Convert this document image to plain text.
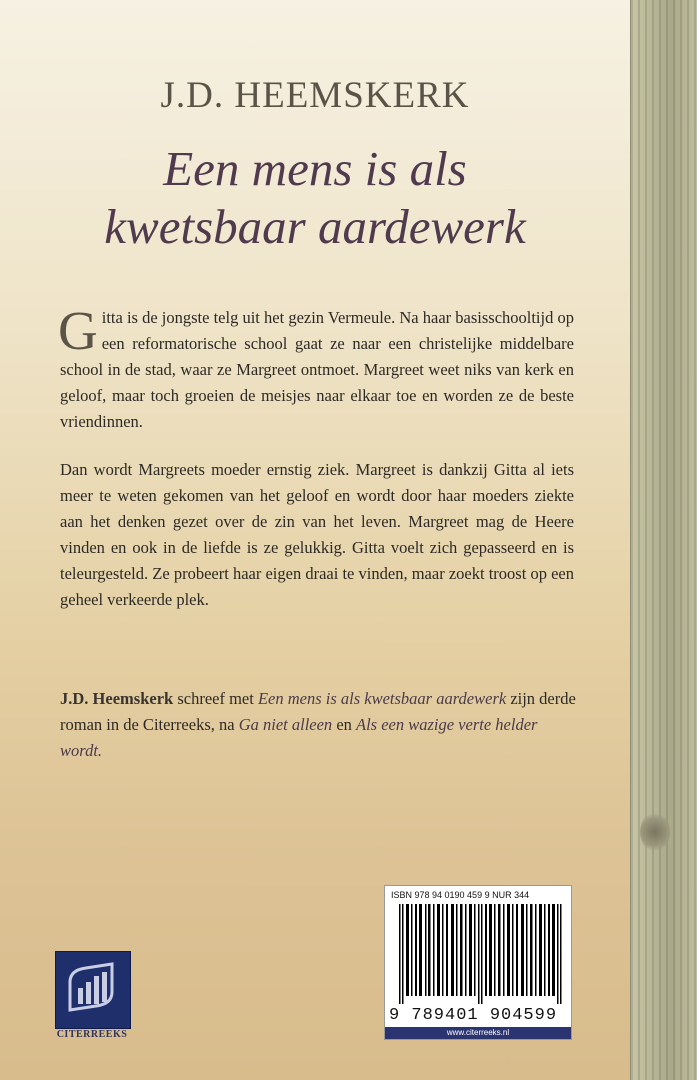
J.D. HEEMSKERK
Een mens is als
kwetsbaar aardewerk

Gitta is de jongste telg uit het gezin Vermeule. Na haar basisschooltijd op een reformatorische school gaat ze naar een christelijke middelbare school in de stad, waar ze Margreet ontmoet. Margreet weet niks van kerk en geloof, maar toch groeien de meisjes naar elkaar toe en worden ze de beste vriendinnen.

Dan wordt Margreets moeder ernstig ziek. Margreet is dankzij Gitta al iets meer te weten gekomen van het geloof en wordt door haar moeders ziekte aan het denken gezet over de zin van het leven. Margreet mag de Heere vinden en ook in de liefde is ze gelukkig. Gitta voelt zich gepasseerd en is teleurgesteld. Ze probeert haar eigen draai te vinden, maar zoekt troost op een geheel verkeerde plek.

J.D. Heemskerk schreef met Een mens is als kwetsbaar aardewerk zijn derde roman in de Citerreeks, na Ga niet alleen en Als een wazige verte helder wordt.
CITERREEKS
ISBN 978 94 0190 459 9 NUR 344
9 789401 904599
www.citerreeks.nl
